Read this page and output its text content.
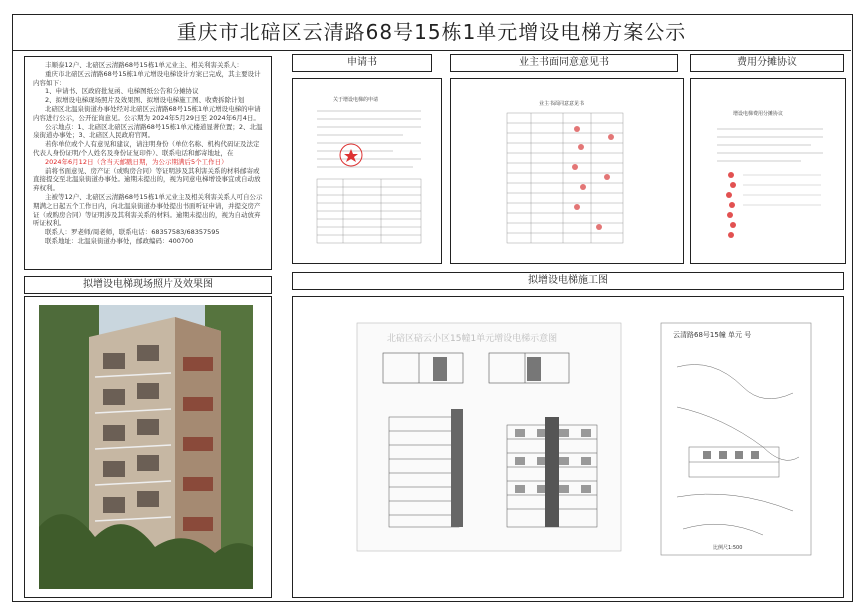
重庆市北碚区云清路68号15栋1单元增设电梯方案公示

丰顺泰12户、北碚区云清路68号15栋1单元业主、相关利害关系人：

重庆市北碚区云清路68号15栋1单元增设电梯设计方案已完成，其主要设计内容如下：

1、申请书、区政府批复函、电梯图纸公告和分摊协议

2、拟增设电梯现场照片及效果图、拟增设电梯施工图、收费拆除计划

北碚区北温泉街道办事处经对北碚区云清路68号15栋1单元增设电梯的申请内容进行公示，公开征询意见。公示期为 2024年5月29日至 2024年6月4日。

公示地点：1、北碚区北碚区云清路68号15栋1单元楼道显著位置；2、北温泉街道办事处；3、北碚区人民政府官网。

若你单位或个人有意见和建议，请注明身份（单位名称、机构代码证及法定代表人身份证明/个人姓名及身份证复印件）、联系电话和邮寄地址，在

2024年6月12日（含当天邮戳日期，为公示期满后5个工作日）

前将书面意见、房产证（或购房合同）等证明涉及其利害关系的材料邮寄或直接提交至北温泉街道办事处。逾期未提出的，视为同意电梯增设事宜或自动放弃权利。

主被等12户、北碚区云清路68号15栋1单元业主及相关利害关系人可自公示期满之日起五个工作日内，向北温泉街道办事处提出书面听证申请，并提交房产证（或购房合同）等证明涉及其利害关系的材料。逾期未提出的，视为自动放弃听证权利。

联系人：罗老师/周老师，联系电话：68357583/68357595

联系地址：北温泉街道办事处，邮政编码：400700

申请书	业主书面同意意见书	费用分摊协议
拟增设电梯现场照片及效果图	拟增设电梯施工图
关于增设电梯的申请
业主书面同意意见书
增设电梯费用分摊协议
北碚区碚云小区15幢1单元增设电梯示意图	云清路68号15幢 单元 号
比例尺1:500
